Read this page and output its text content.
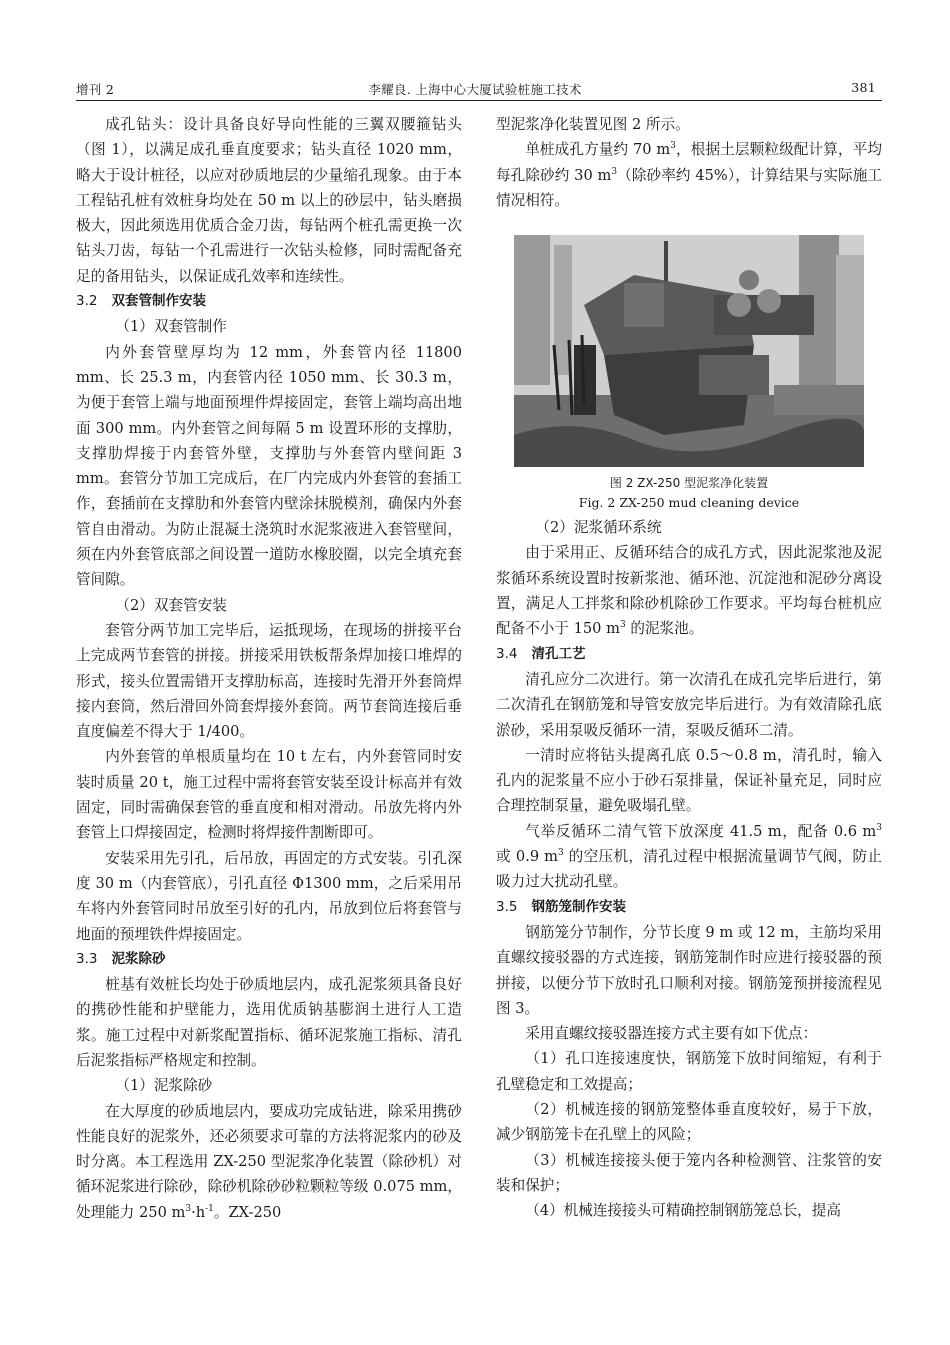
增刊 2	李耀良. 上海中心大厦试验桩施工技术	381

成孔钻头：设计具备良好导向性能的三翼双腰箍钻头（图 1），以满足成孔垂直度要求；钻头直径 1020 mm，略大于设计桩径，以应对砂质地层的少量缩孔现象。由于本工程钻孔桩有效桩身均处在 50 m 以上的砂层中，钻头磨损极大，因此须选用优质合金刀齿，每钻两个桩孔需更换一次钻头刀齿，每钻一个孔需进行一次钻头检修，同时需配备充足的备用钻头，以保证成孔效率和连续性。

3.2 双套管制作安装

（1）双套管制作

内外套管壁厚均为 12 mm，外套管内径 11800 mm、长 25.3 m，内套管内径 1050 mm、长 30.3 m，为便于套管上端与地面预埋件焊接固定，套管上端均高出地面 300 mm。内外套管之间每隔 5 m 设置环形的支撑肋，支撑肋焊接于内套管外壁，支撑肋与外套管内壁间距 3 mm。套管分节加工完成后，在厂内完成内外套管的套插工作，套插前在支撑肋和外套管内壁涂抹脱模剂，确保内外套管自由滑动。为防止混凝土浇筑时水泥浆液进入套管壁间，须在内外套管底部之间设置一道防水橡胶圈，以完全填充套管间隙。

（2）双套管安装

套管分两节加工完毕后，运抵现场，在现场的拼接平台上完成两节套管的拼接。拼接采用铁板帮条焊加接口堆焊的形式，接头位置需错开支撑肋标高，连接时先滑开外套筒焊接内套筒，然后滑回外筒套焊接外套筒。两节套筒连接后垂直度偏差不得大于 1/400。

内外套管的单根质量均在 10 t 左右，内外套管同时安装时质量 20 t，施工过程中需将套管安装至设计标高并有效固定，同时需确保套管的垂直度和相对滑动。吊放先将内外套管上口焊接固定，检测时将焊接件割断即可。

安装采用先引孔，后吊放，再固定的方式安装。引孔深度 30 m（内套管底），引孔直径 Φ1300 mm，之后采用吊车将内外套管同时吊放至引好的孔内，吊放到位后将套管与地面的预埋铁件焊接固定。

3.3 泥浆除砂

桩基有效桩长均处于砂质地层内，成孔泥浆须具备良好的携砂性能和护壁能力，选用优质钠基膨润土进行人工造浆。施工过程中对新浆配置指标、循环泥浆施工指标、清孔后泥浆指标严格规定和控制。

（1）泥浆除砂

在大厚度的砂质地层内，要成功完成钻进，除采用携砂性能良好的泥浆外，还必须要求可靠的方法将泥浆内的砂及时分离。本工程选用 ZX-250 型泥浆净化装置（除砂机）对循环泥浆进行除砂，除砂机除砂砂粒颗粒等级 0.075 mm，处理能力 250 $m^3\cdot h^{-1}$。ZX-250

型泥浆净化装置见图 2 所示。

单桩成孔方量约 70 $m^3$，根据土层颗粒级配计算，平均每孔除砂约 30 $m^3$（除砂率约 45%），计算结果与实际施工情况相符。

图 2 ZX-250 型泥浆净化装置

Fig. 2 ZX-250 mud cleaning device

（2）泥浆循环系统

由于采用正、反循环结合的成孔方式，因此泥浆池及泥浆循环系统设置时按新浆池、循环池、沉淀池和泥砂分离设置，满足人工拌浆和除砂机除砂工作要求。平均每台桩机应配备不小于 150 $m^3$ 的泥浆池。

3.4 清孔工艺

清孔应分二次进行。第一次清孔在成孔完毕后进行，第二次清孔在钢筋笼和导管安放完毕后进行。为有效清除孔底淤砂，采用泵吸反循环一清，泵吸反循环二清。

一清时应将钻头提离孔底 0.5～0.8 m，清孔时，输入孔内的泥浆量不应小于砂石泵排量，保证补量充足，同时应合理控制泵量，避免吸塌孔壁。

气举反循环二清气管下放深度 41.5 m，配备 0.6 $m^3$ 或 0.9 $m^3$ 的空压机，清孔过程中根据流量调节气阀，防止吸力过大扰动孔壁。

3.5 钢筋笼制作安装

钢筋笼分节制作，分节长度 9 m 或 12 m，主筋均采用直螺纹接驳器的方式连接，钢筋笼制作时应进行接驳器的预拼接，以便分节下放时孔口顺利对接。钢筋笼预拼接流程见图 3。

采用直螺纹接驳器连接方式主要有如下优点：

（1）孔口连接速度快，钢筋笼下放时间缩短，有利于孔壁稳定和工效提高；

（2）机械连接的钢筋笼整体垂直度较好，易于下放，减少钢筋笼卡在孔壁上的风险；

（3）机械连接接头便于笼内各种检测管、注浆管的安装和保护；

（4）机械连接接头可精确控制钢筋笼总长，提高
